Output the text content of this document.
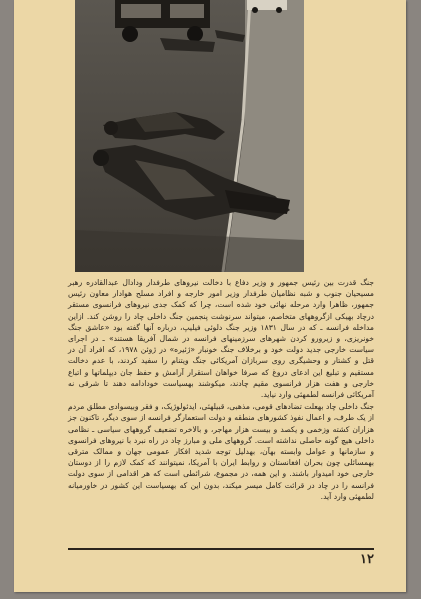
جنگ قدرت بین رئیس جمهور و وزیر دفاع با دخالت نیروهای طرفدار ودادال عبدالقادره رهبر مسیحیان جنوب و شبه نظامیان طرفدار وزیر امور خارجه و افراد مسلح هوادار معاون رئیس جمهور، ظاهرا وارد مرحله نهائی خود شده است، چرا که کمک جدی نیروهای فرانسوی مستقر درچاد بهیکی ازگروههای متخاصم، میتواند سرنوشت پنجمین جنگ داخلی چاد را روشن کند. ازاین مداخله فرانسه ـ که در سال ۱۸۳۱ وزیر جنگ دلوئی فیلیپ، درباره آنها گفته بود «عاشق جنگ خونریزی، و زیرورو کردن شهرهای سرزمینهای فرانسه در شمال آفریقا هستند» ـ در اجرای سیاست خارجی جدید دولت خود و برخلاف جنگ خونبار «ژئیره» در ژوئن ۱۹۷۸، که افراد آن در قتل و کشتار و وحشیگری روی سربازان آمریکائی جنگ ویتنام را سفید کردند، با عدم دخالت مستقیم و تبلیغ این ادعای دروغ که صرفا خواهان استقرار آرامش و حفظ جان دیپلماتها و اتباع خارجی و هفت هزار فرانسوی مقیم چادند، میکوشند بهسیاست خودادامه دهند تا شرقی نه آمریکائی فرانسه لطمهئی وارد نیاید.

جنگ داخلی چاد بهعلت تضادهای قومی، مذهبی، قبیلهئی، ایدئولوژیک، و فقر وبیسوادی مطلق مردم از یک طرف، و اعمال نفوذ کشورهای منطقه و دولت استعمارگر فرانسه از سوی دیگر، تاکنون جز هزاران کشته وزخمی و یکصد و بیست هزار مهاجر، و بالاخره تضعیف گروههای سیاسی ـ نظامی داخلی هیچ گونه حاصلی نداشته است. گروههای ملی و مبارز چاد در راه نبرد با نیروهای فرانسوی و سازمانها و عوامل وابسته بهآن، بهدلیل توجه شدید افکار عمومی جهان و ممالک مترقی بهمسائلی چون بحران افغانستان و روابط ایران با آمریکا، نمیتوانند که کمک لازم را از دوستان خارجی خود امیدوار باشند. و این همه، در مجموع، شرائطی است که هر اقدامی از سوی دولت فرانسه را در چاد در قرائت کامل میسر میکند، بدون این که بهسیاست این کشور در خاورمیانه لطمهئی وارد آید.

۱۲
